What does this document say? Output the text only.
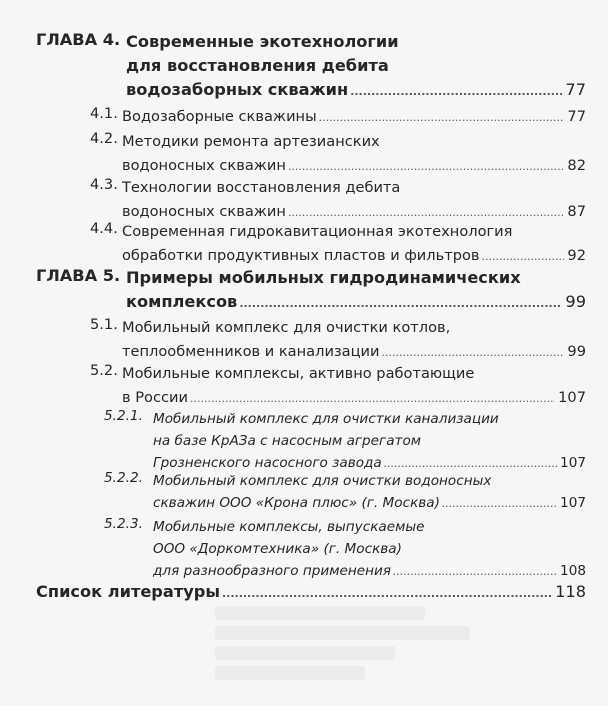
ГЛАВА 4. Современные экотехнологии
для восстановления дебита
водозаборных скважин .....	77
4.1. Водозаборные скважины .....	77
4.2. Методики ремонта артезианских
водоносных скважин .....	82
4.3. Технологии восстановления дебита
водоносных скважин .....	87
4.4. Современная гидрокавитационная экотехнология
обработки продуктивных пластов и фильтров .....	92
ГЛАВА 5. Примеры мобильных гидродинамических
комплексов .....	99
5.1. Мобильный комплекс для очистки котлов,
теплообменников и канализации .....	99
5.2. Мобильные комплексы, активно работающие
в России .....	107
5.2.1. Мобильный комплекс для очистки канализации
на базе КрАЗа с насосным агрегатом
Грозненского насосного завода .....	107
5.2.2. Мобильный комплекс для очистки водоносных
скважин ООО «Крона плюс» (г. Москва) .....	107
5.2.3. Мобильные комплексы, выпускаемые
ООО «Доркомтехника» (г. Москва)
для разнообразного применения .....	108
Список литературы .....	118
